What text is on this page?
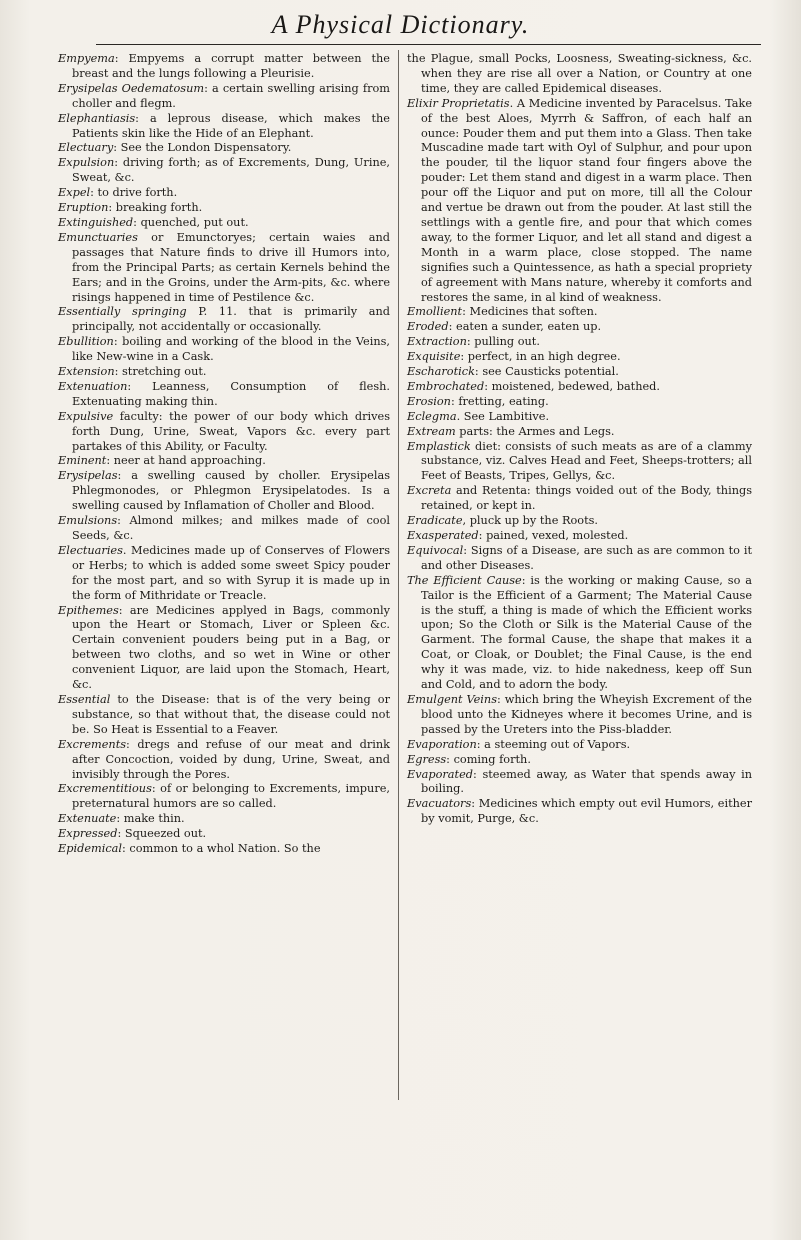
A Physical Dictionary.

Empyema: Empyems a corrupt matter between the breast and the lungs following a Pleurisie.

Erysipelas Oedematosum: a certain swelling arising from choller and flegm.

Elephantiasis: a leprous disease, which makes the Patients skin like the Hide of an Elephant.

Electuary: See the London Dispensatory.

Expulsion: driving forth; as of Excrements, Dung, Urine, Sweat, &c.

Expel: to drive forth.

Eruption: breaking forth.

Extinguished: quenched, put out.

Emunctuaries or Emunctoryes; certain waies and passages that Nature finds to drive ill Humors into, from the Principal Parts; as certain Kernels behind the Ears; and in the Groins, under the Arm-pits, &c. where risings happened in time of Pestilence &c.

Essentially springing P. 11. that is primarily and principally, not accidentally or occasionally.

Ebullition: boiling and working of the blood in the Veins, like New-wine in a Cask.

Extension: stretching out.

Extenuation: Leanness, Consumption of flesh. Extenuating making thin.

Expulsive faculty: the power of our body which drives forth Dung, Urine, Sweat, Vapors &c. every part partakes of this Ability, or Faculty.

Eminent: neer at hand approaching.

Erysipelas: a swelling caused by choller. Erysipelas Phlegmonodes, or Phlegmon Erysipelatodes. Is a swelling caused by Inflamation of Choller and Blood.

Emulsions: Almond milkes; and milkes made of cool Seeds, &c.

Electuaries. Medicines made up of Conserves of Flowers or Herbs; to which is added some sweet Spicy pouder for the most part, and so with Syrup it is made up in the form of Mithridate or Treacle.

Epithemes: are Medicines applyed in Bags, commonly upon the Heart or Stomach, Liver or Spleen &c. Certain convenient pouders being put in a Bag, or between two cloths, and so wet in Wine or other convenient Liquor, are laid upon the Stomach, Heart, &c.

Essential to the Disease: that is of the very being or substance, so that without that, the disease could not be. So Heat is Essential to a Feaver.

Excrements: dregs and refuse of our meat and drink after Concoction, voided by dung, Urine, Sweat, and invisibly through the Pores.

Excrementitious: of or belonging to Excrements, impure, preternatural humors are so called.

Extenuate: make thin.

Expressed: Squeezed out.

Epidemical: common to a whol Nation. So the

the Plague, small Pocks, Loosness, Sweating-sickness, &c. when they are rise all over a Nation, or Country at one time, they are called Epidemical diseases.

Elixir Proprietatis. A Medicine invented by Paracelsus. Take of the best Aloes, Myrrh & Saffron, of each half an ounce: Pouder them and put them into a Glass. Then take Muscadine made tart with Oyl of Sulphur, and pour upon the pouder, til the liquor stand four fingers above the pouder: Let them stand and digest in a warm place. Then pour off the Liquor and put on more, till all the Colour and vertue be drawn out from the pouder. At last still the settlings with a gentle fire, and pour that which comes away, to the former Liquor, and let all stand and digest a Month in a warm place, close stopped. The name signifies such a Quintessence, as hath a special propriety of agreement with Mans nature, whereby it comforts and restores the same, in al kind of weakness.

Emollient: Medicines that soften.

Eroded: eaten a sunder, eaten up.

Extraction: pulling out.

Exquisite: perfect, in an high degree.

Escharotick: see Causticks potential.

Embrochated: moistened, bedewed, bathed.

Erosion: fretting, eating.

Eclegma. See Lambitive.

Extream parts: the Armes and Legs.

Emplastick diet: consists of such meats as are of a clammy substance, viz. Calves Head and Feet, Sheeps-trotters; all Feet of Beasts, Tripes, Gellys, &c.

Excreta and Retenta: things voided out of the Body, things retained, or kept in.

Eradicate, pluck up by the Roots.

Exasperated: pained, vexed, molested.

Equivocal: Signs of a Disease, are such as are common to it and other Diseases.

The Efficient Cause: is the working or making Cause, so a Tailor is the Efficient of a Garment; The Material Cause is the stuff, a thing is made of which the Efficient works upon; So the Cloth or Silk is the Material Cause of the Garment. The formal Cause, the shape that makes it a Coat, or Cloak, or Doublet; the Final Cause, is the end why it was made, viz. to hide nakedness, keep off Sun and Cold, and to adorn the body.

Emulgent Veins: which bring the Wheyish Excrement of the blood unto the Kidneyes where it becomes Urine, and is passed by the Ureters into the Piss-bladder.

Evaporation: a steeming out of Vapors.

Egress: coming forth.

Evaporated: steemed away, as Water that spends away in boiling.

Evacuators: Medicines which empty out evil Humors, either by vomit, Purge, &c.
